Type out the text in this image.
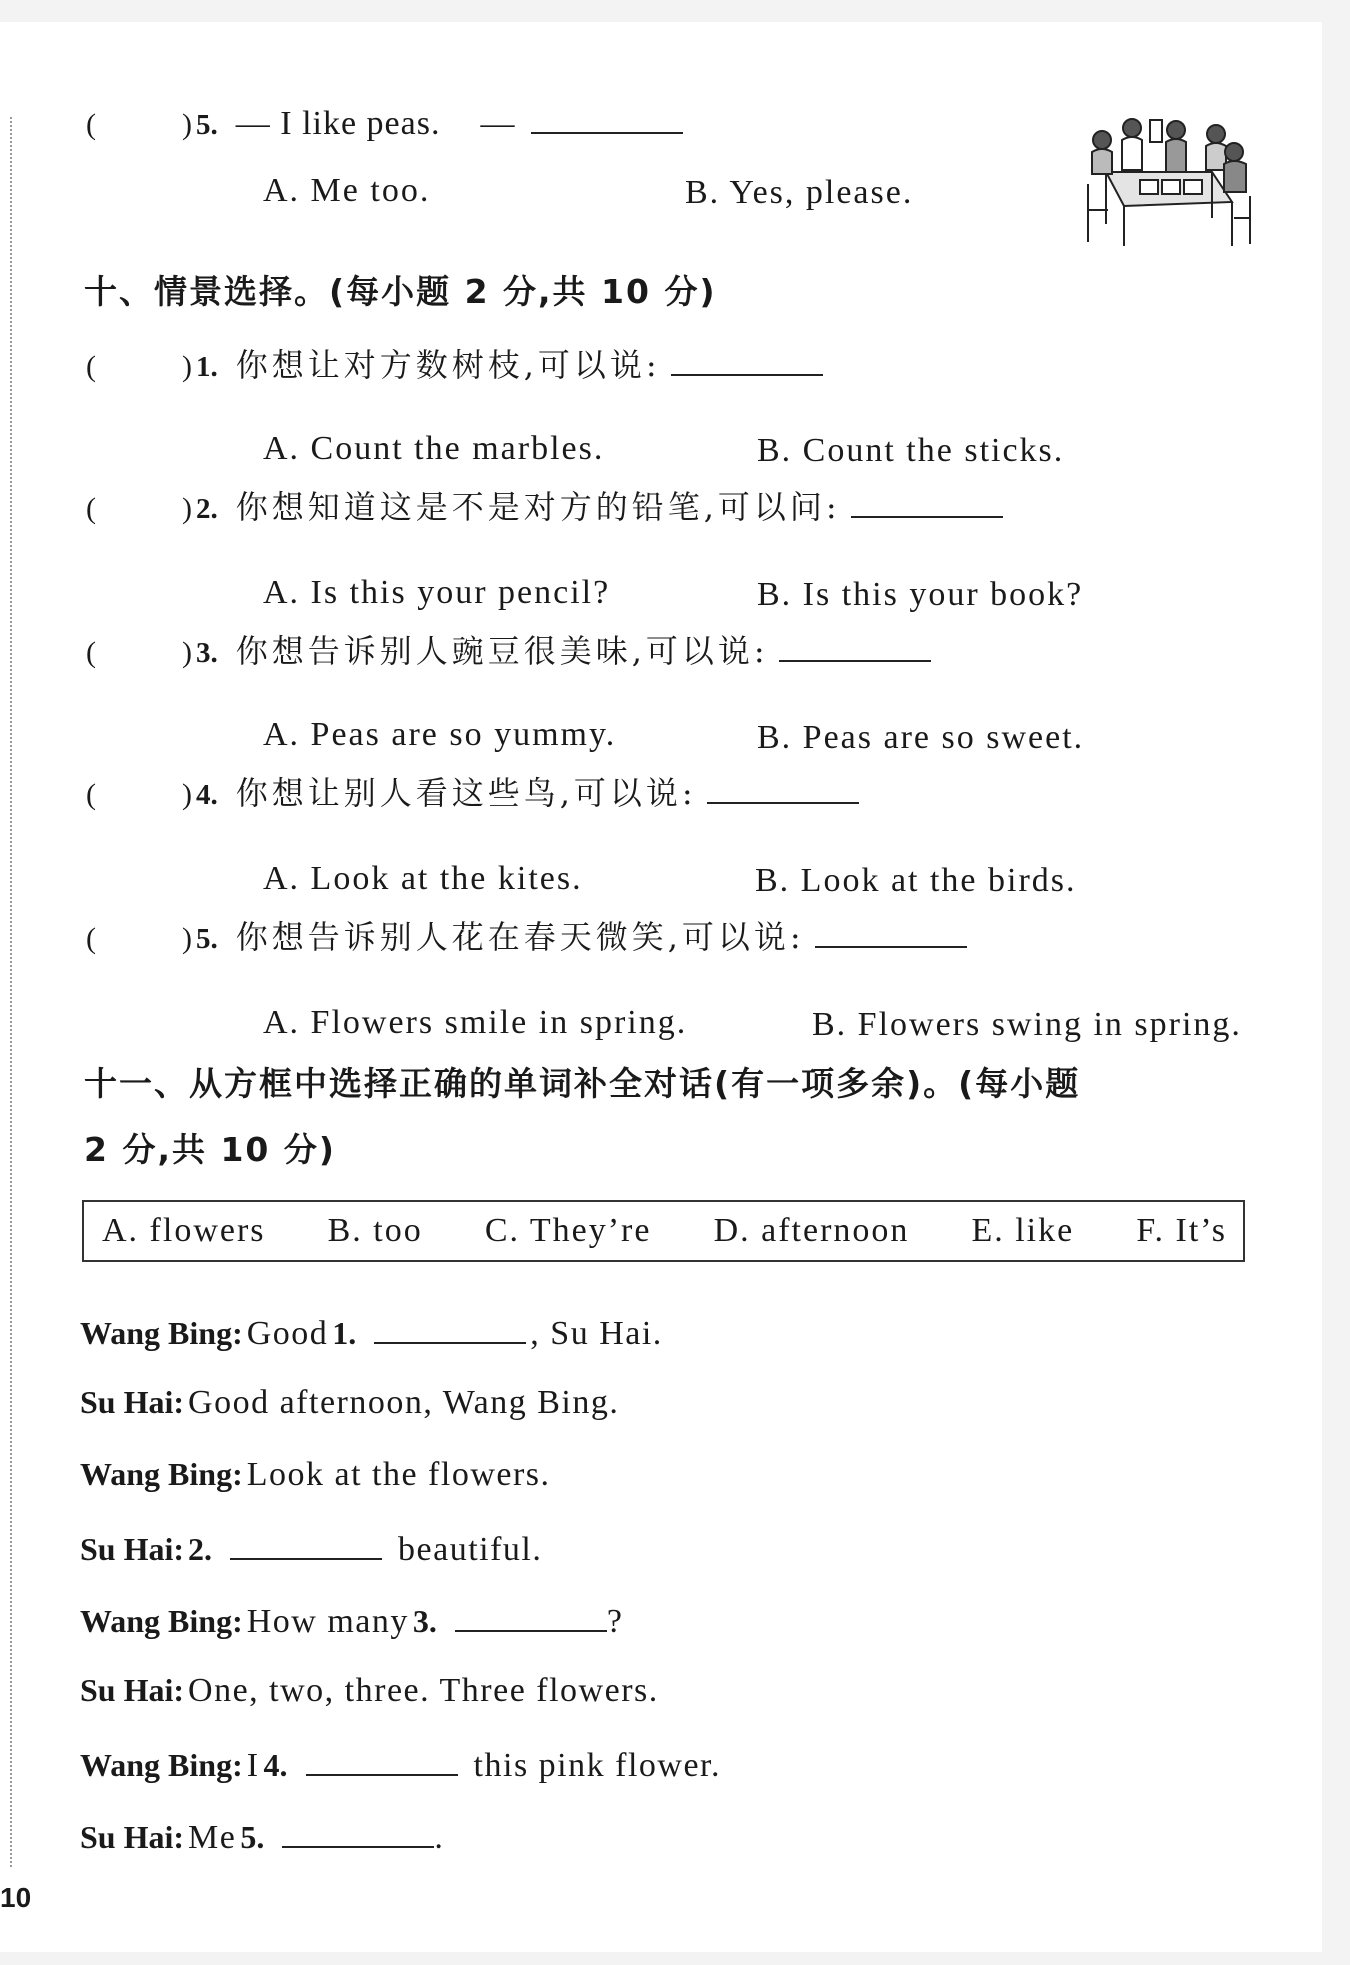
(	) 5. — I like peas. —
A. Me too.	B. Yes, please.
十、情景选择。(每小题 2 分,共 10 分)
(	) 1. 你想让对方数树枝,可以说:
A. Count the marbles.	B. Count the sticks.
(	) 2. 你想知道这是不是对方的铅笔,可以问:
A. Is this your pencil?	B. Is this your book?
(	) 3. 你想告诉别人豌豆很美味,可以说:
A. Peas are so yummy.	B. Peas are so sweet.
(	) 4. 你想让别人看这些鸟,可以说:
A. Look at the kites.	B. Look at the birds.
(	) 5. 你想告诉别人花在春天微笑,可以说:
A. Flowers smile in spring.	B. Flowers swing in spring.
十一、从方框中选择正确的单词补全对话(有一项多余)。(每小题
2 分,共 10 分)
A. flowers B. too C. They’re D. afternoon E. like F. It’s
Wang Bing: Good 1.	, Su Hai.
Su Hai: Good afternoon, Wang Bing.
Wang Bing: Look at the flowers.
Su Hai: 2.	beautiful.
Wang Bing: How many 3.	?
Su Hai: One, two, three. Three flowers.
Wang Bing: I 4.	this pink flower.
Su Hai: Me 5.	.
10
